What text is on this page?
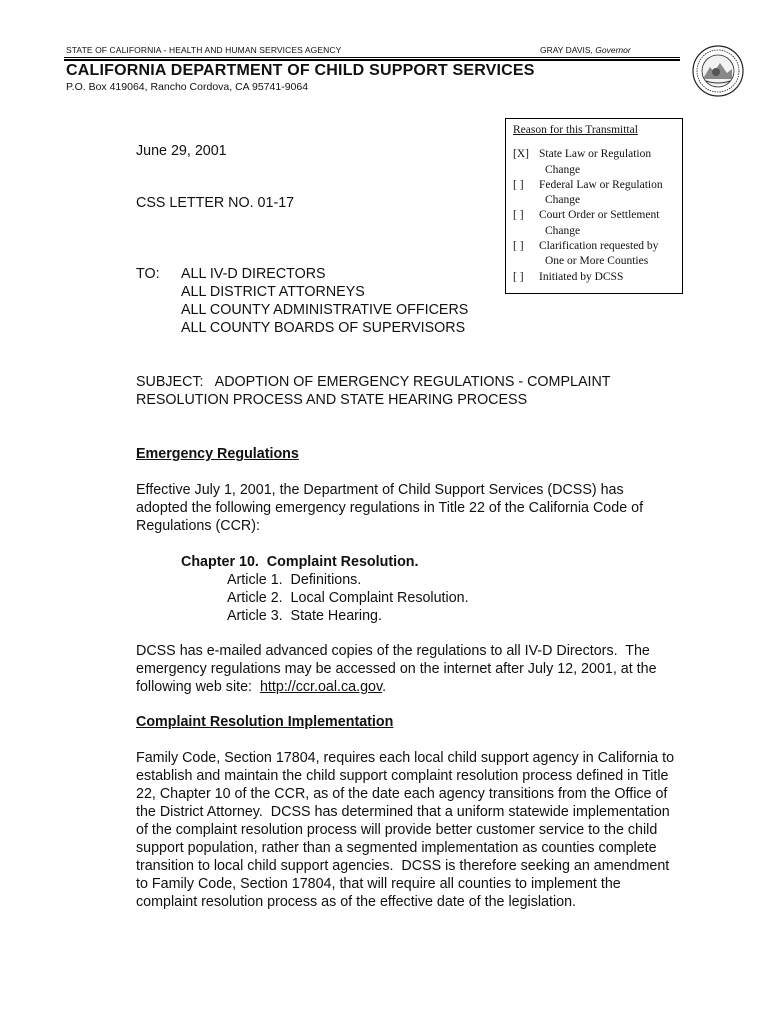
STATE OF CALIFORNIA - HEALTH AND HUMAN SERVICES AGENCY	GRAY DAVIS, Governor
CALIFORNIA DEPARTMENT OF CHILD SUPPORT SERVICES
P.O. Box 419064, Rancho Cordova, CA 95741-9064
Reason for this Transmittal
[X] State Law or Regulation
Change
[ ]	Federal Law or Regulation
Change
[ ]	Court Order or Settlement
Change
[ ]	Clarification requested by
One or More Counties
[ ]	Initiated by DCSS
June 29, 2001
CSS LETTER NO. 01-17
TO: ALL IV-D DIRECTORS
ALL DISTRICT ATTORNEYS
ALL COUNTY ADMINISTRATIVE OFFICERS
ALL COUNTY BOARDS OF SUPERVISORS
SUBJECT:   ADOPTION OF EMERGENCY REGULATIONS - COMPLAINT
RESOLUTION PROCESS AND STATE HEARING PROCESS
Emergency Regulations
Effective July 1, 2001, the Department of Child Support Services (DCSS) has
adopted the following emergency regulations in Title 22 of the California Code of
Regulations (CCR):
Chapter 10.  Complaint Resolution.
Article 1.  Definitions.
Article 2.  Local Complaint Resolution.
Article 3.  State Hearing.
DCSS has e-mailed advanced copies of the regulations to all IV-D Directors.  The
emergency regulations may be accessed on the internet after July 12, 2001, at the
following web site:  http://ccr.oal.ca.gov.
Complaint Resolution Implementation
Family Code, Section 17804, requires each local child support agency in California to
establish and maintain the child support complaint resolution process defined in Title
22, Chapter 10 of the CCR, as of the date each agency transitions from the Office of
the District Attorney.  DCSS has determined that a uniform statewide implementation
of the complaint resolution process will provide better customer service to the child
support population, rather than a segmented implementation as counties complete
transition to local child support agencies.  DCSS is therefore seeking an amendment
to Family Code, Section 17804, that will require all counties to implement the
complaint resolution process as of the effective date of the legislation.
